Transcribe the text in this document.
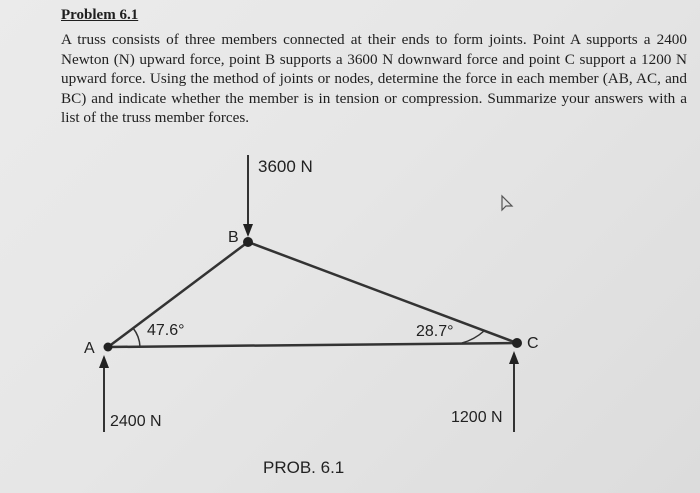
Problem 6.1
A truss consists of three members connected at their ends to form joints. Point A supports a 2400 Newton (N) upward force, point B supports a 3600 N downward force and point C support a 1200 N upward force. Using the method of joints or nodes, determine the force in each member (AB, AC, and BC) and indicate whether the member is in tension or compression. Summarize your answers with a list of the truss member forces.
3600 N
B
47.6°	28.7°
A	C
2400 N	1200 N
PROB. 6.1
